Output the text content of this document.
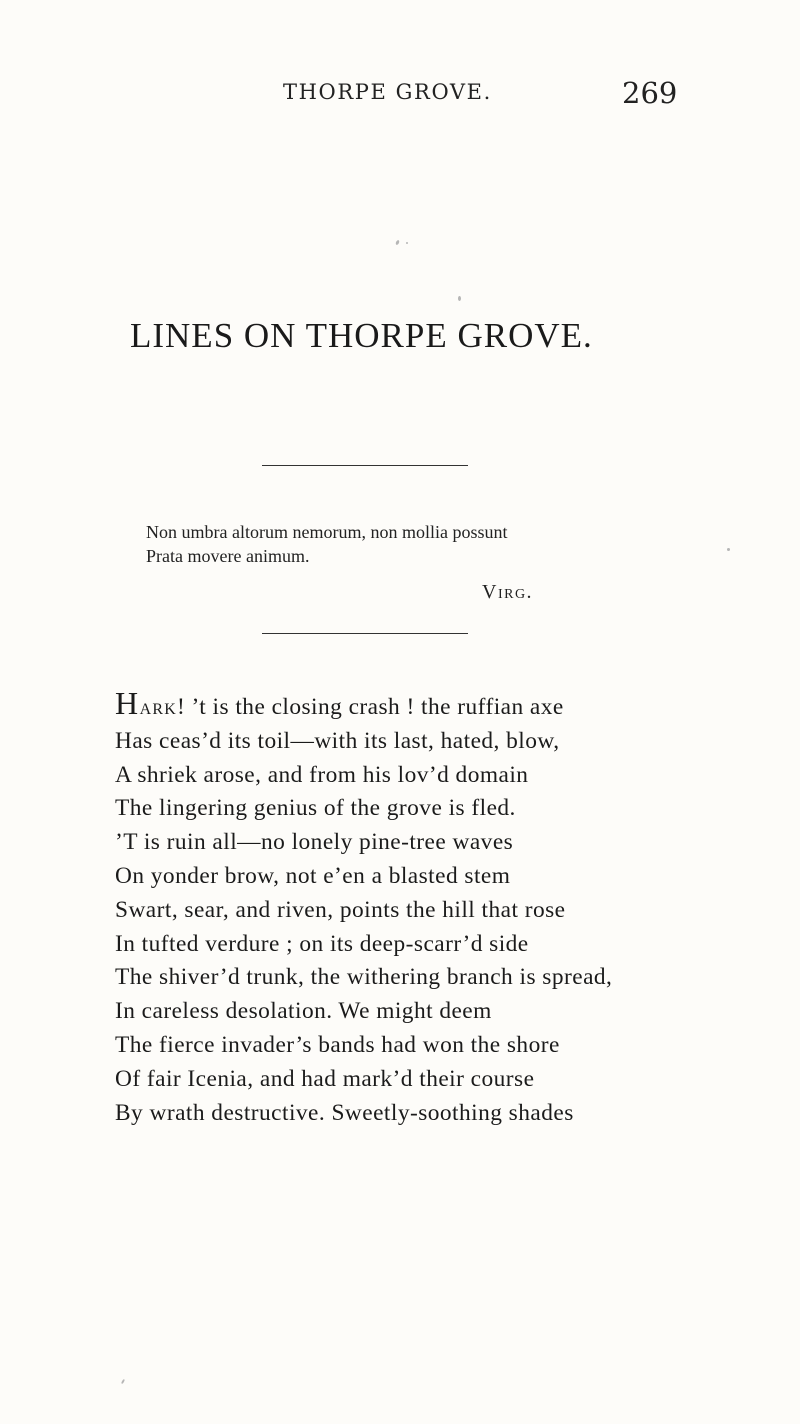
THORPE GROVE.	269
LINES ON THORPE GROVE.
Non umbra altorum nemorum, non mollia possunt
Prata movere animum.
Virg.
Hark! ’t is the closing crash ! the ruffian axe
Has ceas’d its toil—with its last, hated, blow,
A shriek arose, and from his lov’d domain
The lingering genius of the grove is fled.
’T is ruin all—no lonely pine-tree waves
On yonder brow, not e’en a blasted stem
Swart, sear, and riven, points the hill that rose
In tufted verdure ; on its deep-scarr’d side
The shiver’d trunk, the withering branch is spread,
In careless desolation. We might deem
The fierce invader’s bands had won the shore
Of fair Icenia, and had mark’d their course
By wrath destructive. Sweetly-soothing shades
